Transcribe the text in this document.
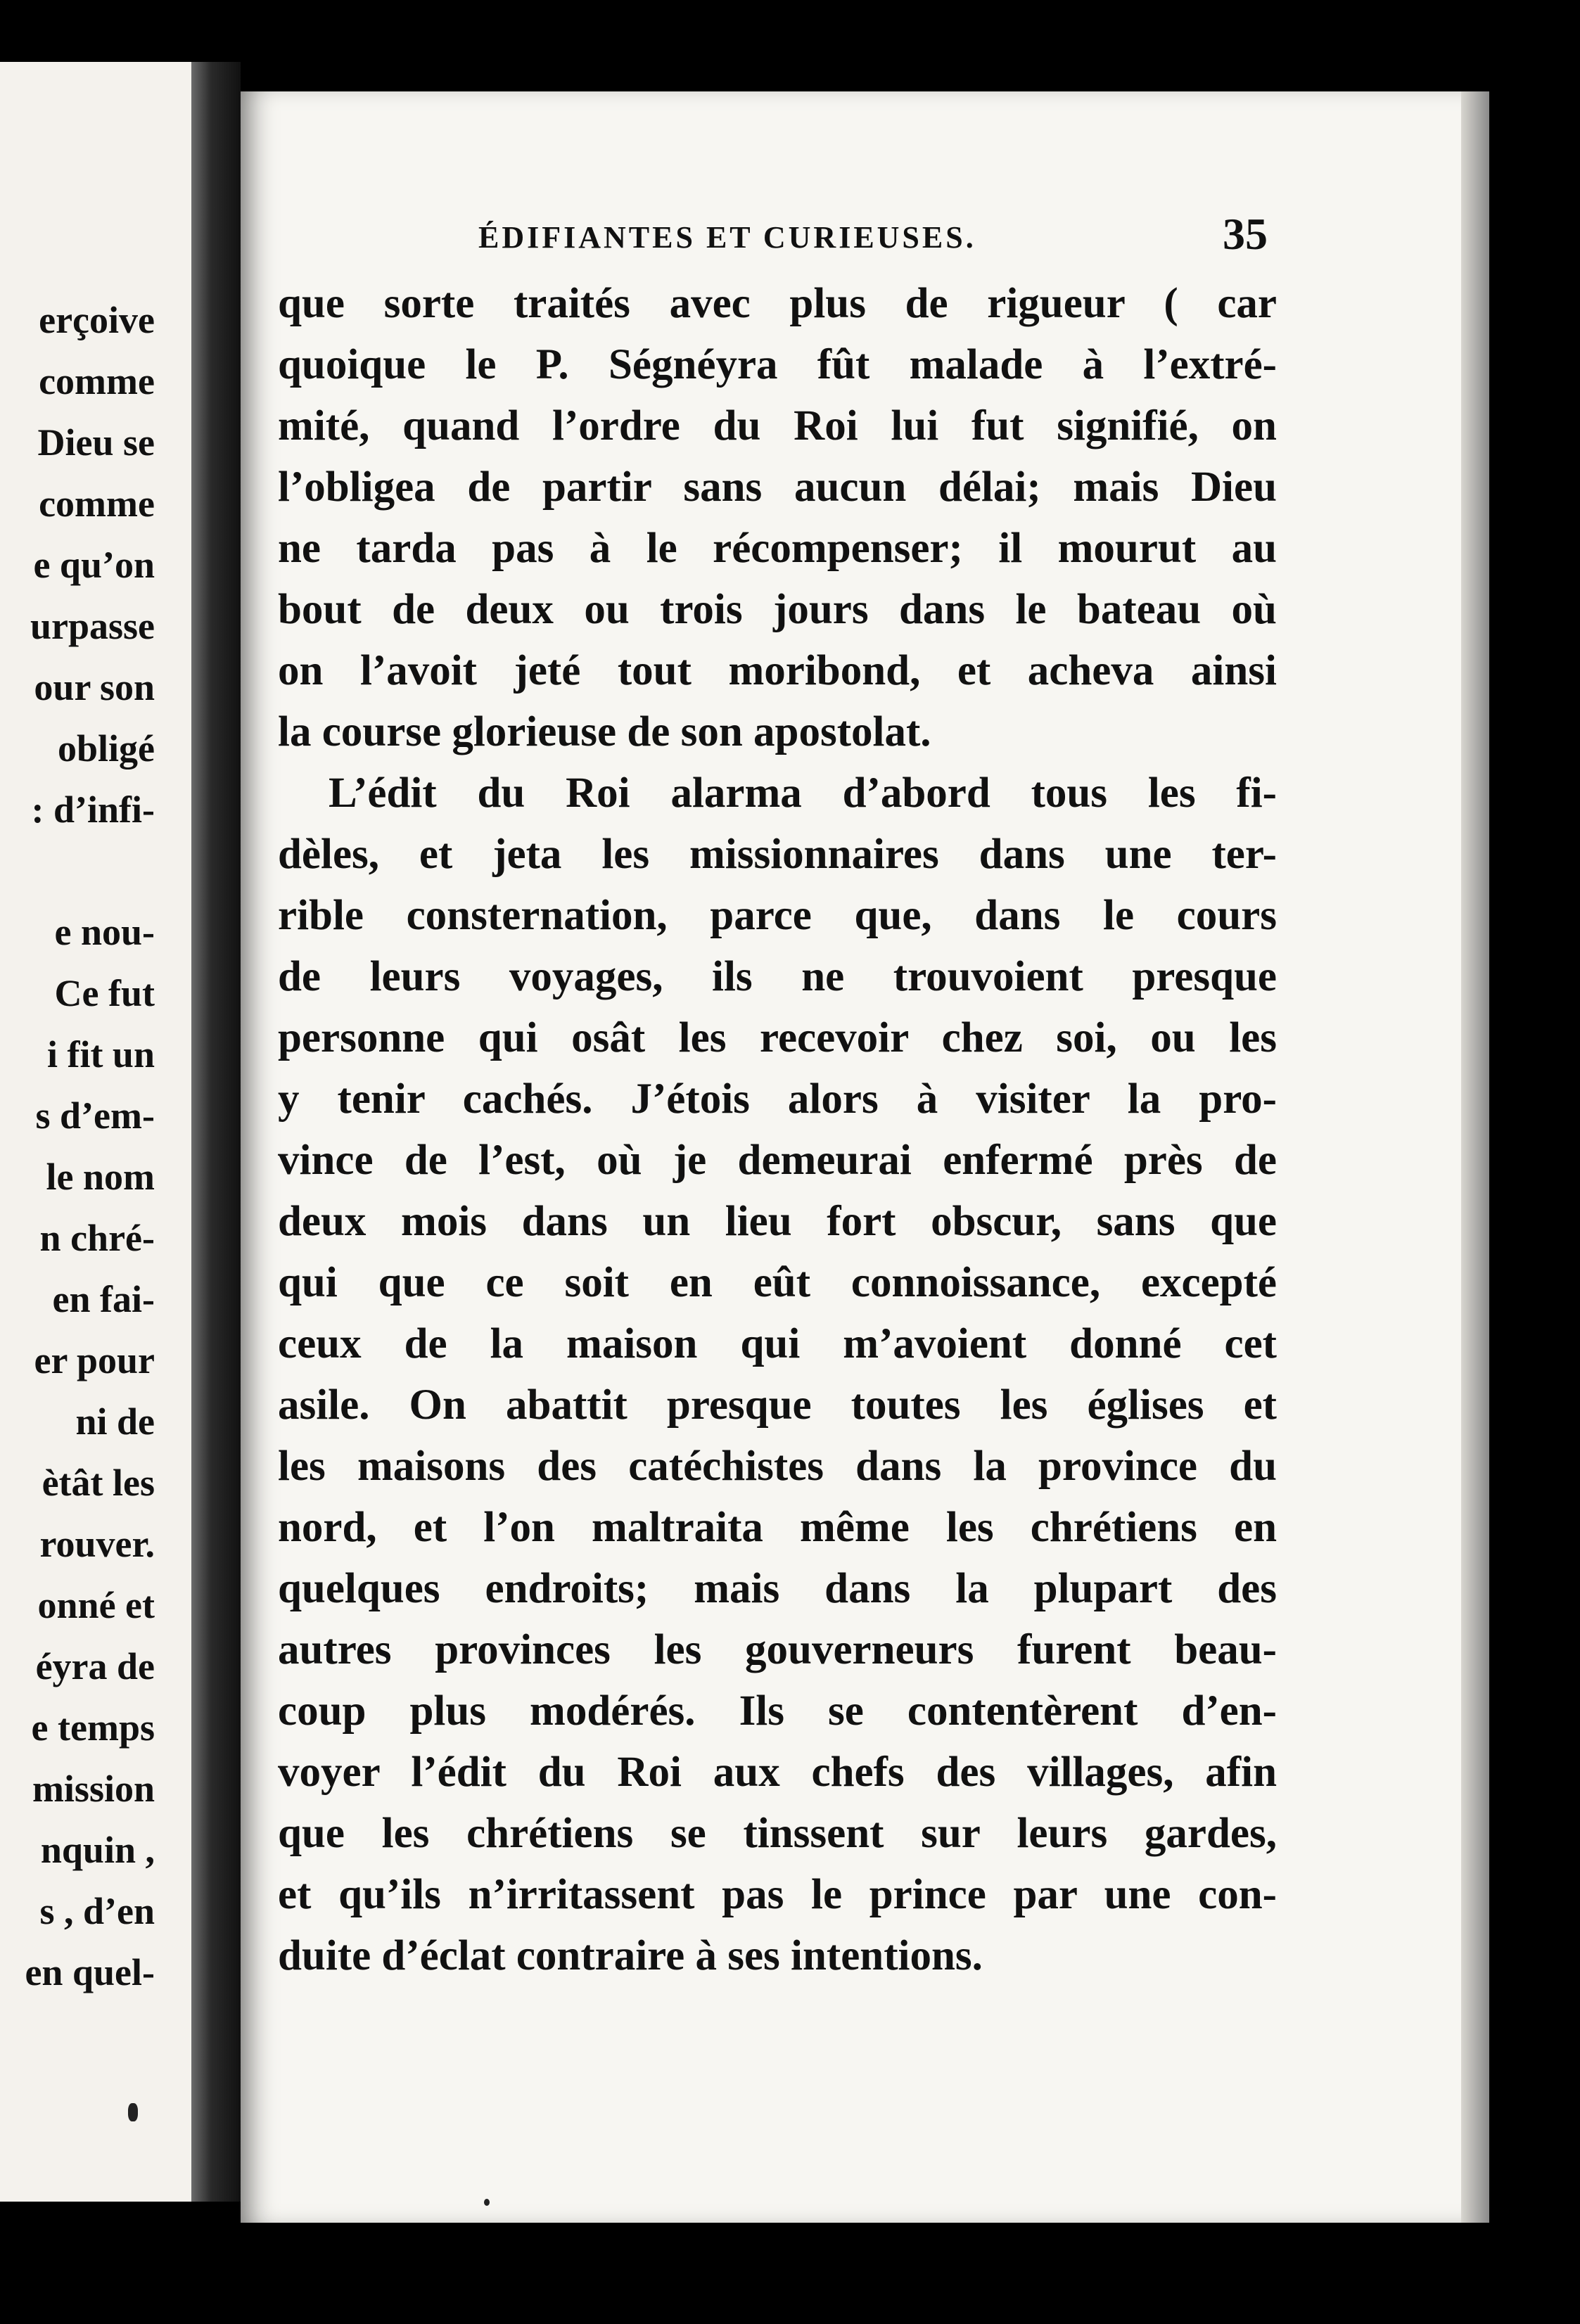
erçoive
comme
Dieu se
comme
e qu’on
urpasse
our son
obligé
: d’infi-
e nou-
Ce fut
i fit un
s d’em-
le nom
n chré-
en fai-
er pour
ni de
ètât les
rouver.
onné et
éyra de
e temps
mission
nquin ,
s , d’en
en quel-
ÉDIFIANTES ET CURIEUSES.	35
que sorte traités avec plus de rigueur ( car
quoique le P. Ségnéyra fût malade à l’extré-
mité, quand l’ordre du Roi lui fut signifié, on
l’obligea de partir sans aucun délai; mais Dieu
ne tarda pas à le récompenser; il mourut au
bout de deux ou trois jours dans le bateau où
on l’avoit jeté tout moribond, et acheva ainsi
la course glorieuse de son apostolat.
L’édit du Roi alarma d’abord tous les fi-
dèles, et jeta les missionnaires dans une ter-
rible consternation, parce que, dans le cours
de leurs voyages, ils ne trouvoient presque
personne qui osât les recevoir chez soi, ou les
y tenir cachés. J’étois alors à visiter la pro-
vince de l’est, où je demeurai enfermé près de
deux mois dans un lieu fort obscur, sans que
qui que ce soit en eût connoissance, excepté
ceux de la maison qui m’avoient donné cet
asile. On abattit presque toutes les églises et
les maisons des catéchistes dans la province du
nord, et l’on maltraita même les chrétiens en
quelques endroits; mais dans la plupart des
autres provinces les gouverneurs furent beau-
coup plus modérés. Ils se contentèrent d’en-
voyer l’édit du Roi aux chefs des villages, afin
que les chrétiens se tinssent sur leurs gardes,
et qu’ils n’irritassent pas le prince par une con-
duite d’éclat contraire à ses intentions.
